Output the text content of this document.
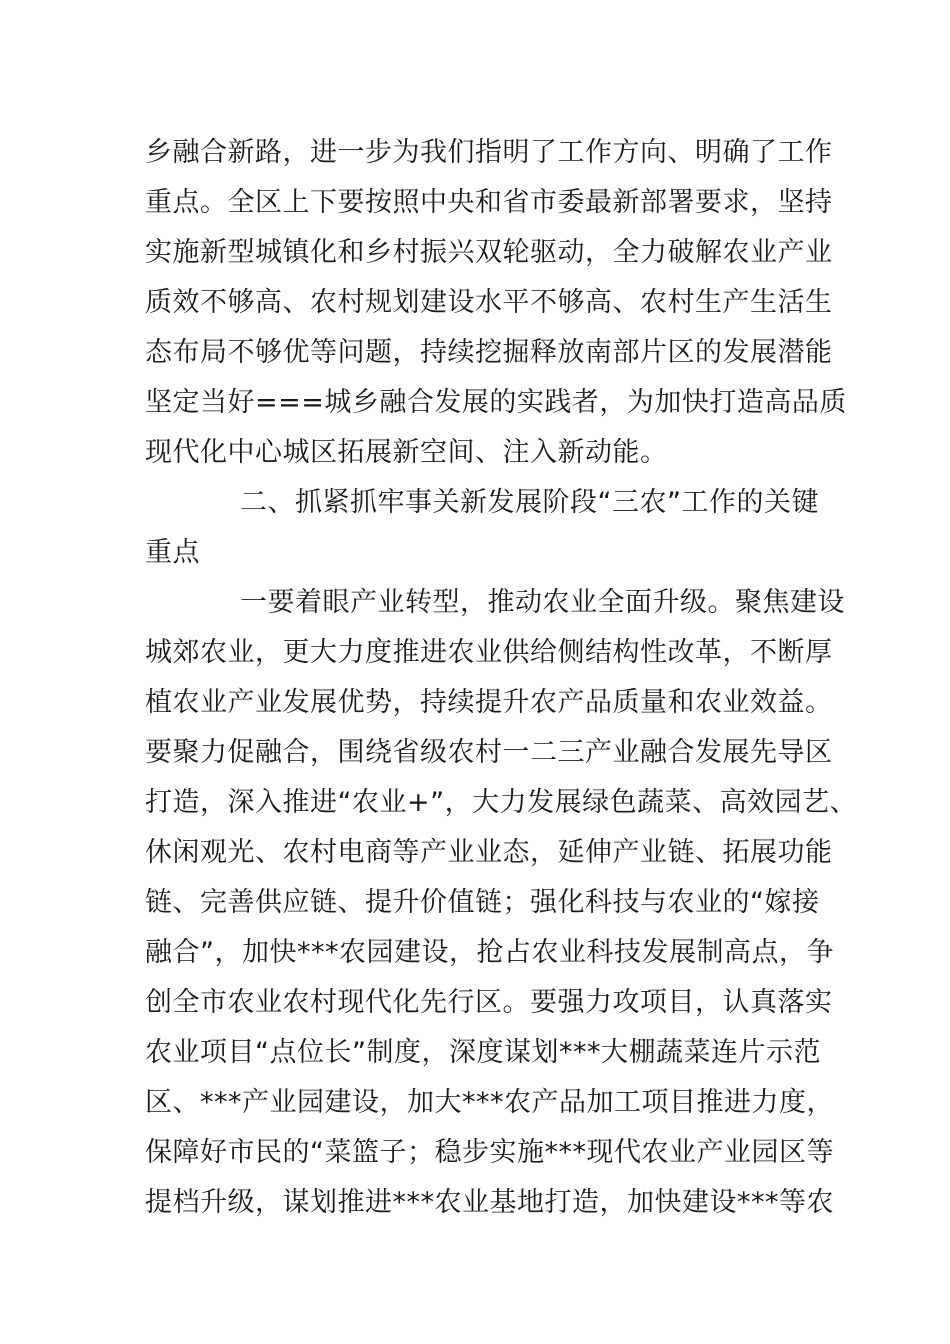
乡融合新路，进一步为我们指明了工作方向、明确了工作
重点。全区上下要按照中央和省市委最新部署要求，坚持
实施新型城镇化和乡村振兴双轮驱动，全力破解农业产业
质效不够高、农村规划建设水平不够高、农村生产生活生
态布局不够优等问题，持续挖掘释放南部片区的发展潜能
坚定当好===城乡融合发展的实践者，为加快打造高品质
现代化中心城区拓展新空间、注入新动能。
二、抓紧抓牢事关新发展阶段“三农”工作的关键
重点
一要着眼产业转型，推动农业全面升级。聚焦建设
城郊农业，更大力度推进农业供给侧结构性改革，不断厚
植农业产业发展优势，持续提升农产品质量和农业效益。
要聚力促融合，围绕省级农村一二三产业融合发展先导区
打造，深入推进“农业+”，大力发展绿色蔬菜、高效园艺、
休闲观光、农村电商等产业业态，延伸产业链、拓展功能
链、完善供应链、提升价值链；强化科技与农业的“嫁接
融合”，加快***农园建设，抢占农业科技发展制高点，争
创全市农业农村现代化先行区。要强力攻项目，认真落实
农业项目“点位长”制度，深度谋划***大棚蔬菜连片示范
区、***产业园建设，加大***农产品加工项目推进力度，
保障好市民的“菜篮子；稳步实施***现代农业产业园区等
提档升级，谋划推进***农业基地打造，加快建设***等农
